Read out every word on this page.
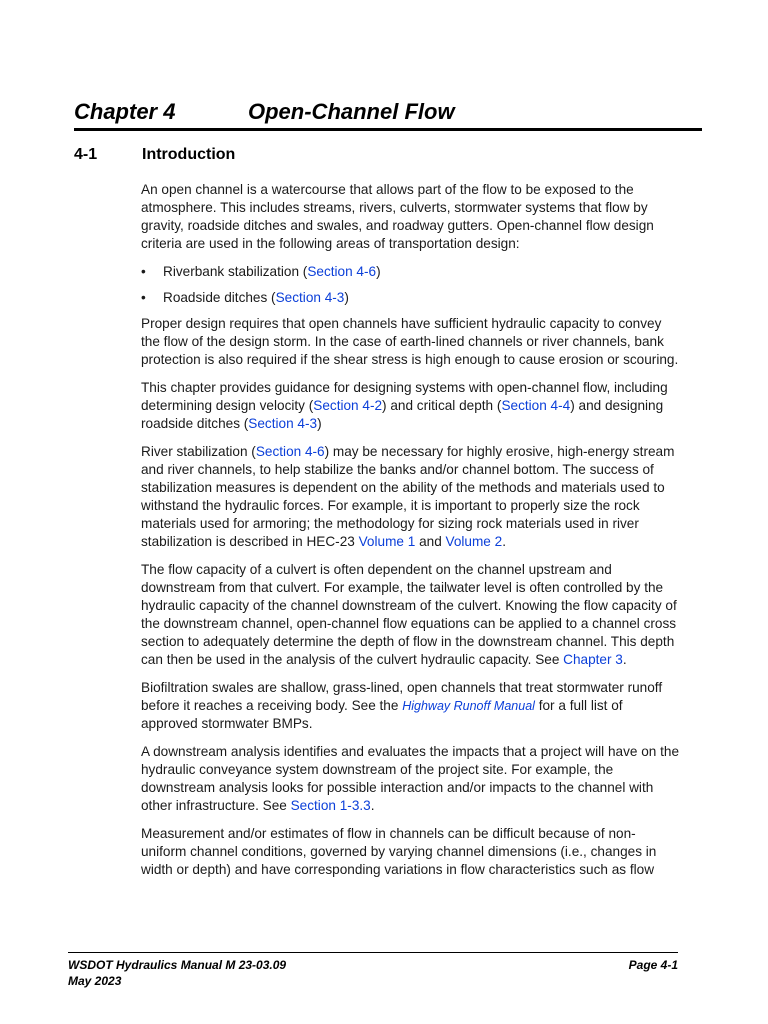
Chapter 4	Open-Channel Flow
4-1	Introduction

An open channel is a watercourse that allows part of the flow to be exposed to the atmosphere. This includes streams, rivers, culverts, stormwater systems that flow by gravity, roadside ditches and swales, and roadway gutters. Open-channel flow design criteria are used in the following areas of transportation design:

• Riverbank stabilization (Section 4-6)
• Roadside ditches (Section 4-3)

Proper design requires that open channels have sufficient hydraulic capacity to convey the flow of the design storm. In the case of earth-lined channels or river channels, bank protection is also required if the shear stress is high enough to cause erosion or scouring.

This chapter provides guidance for designing systems with open-channel flow, including determining design velocity (Section 4-2) and critical depth (Section 4-4) and designing roadside ditches (Section 4-3)

River stabilization (Section 4-6) may be necessary for highly erosive, high-energy stream and river channels, to help stabilize the banks and/or channel bottom. The success of stabilization measures is dependent on the ability of the methods and materials used to withstand the hydraulic forces. For example, it is important to properly size the rock materials used for armoring; the methodology for sizing rock materials used in river stabilization is described in HEC-23 Volume 1 and Volume 2.

The flow capacity of a culvert is often dependent on the channel upstream and downstream from that culvert. For example, the tailwater level is often controlled by the hydraulic capacity of the channel downstream of the culvert. Knowing the flow capacity of the downstream channel, open-channel flow equations can be applied to a channel cross section to adequately determine the depth of flow in the downstream channel. This depth can then be used in the analysis of the culvert hydraulic capacity. See Chapter 3.

Biofiltration swales are shallow, grass-lined, open channels that treat stormwater runoff before it reaches a receiving body. See the Highway Runoff Manual for a full list of approved stormwater BMPs.

A downstream analysis identifies and evaluates the impacts that a project will have on the hydraulic conveyance system downstream of the project site. For example, the downstream analysis looks for possible interaction and/or impacts to the channel with other infrastructure. See Section 1-3.3.

Measurement and/or estimates of flow in channels can be difficult because of non-uniform channel conditions, governed by varying channel dimensions (i.e., changes in width or depth) and have corresponding variations in flow characteristics such as flow

WSDOT Hydraulics Manual M 23-03.09	Page 4-1
May 2023
